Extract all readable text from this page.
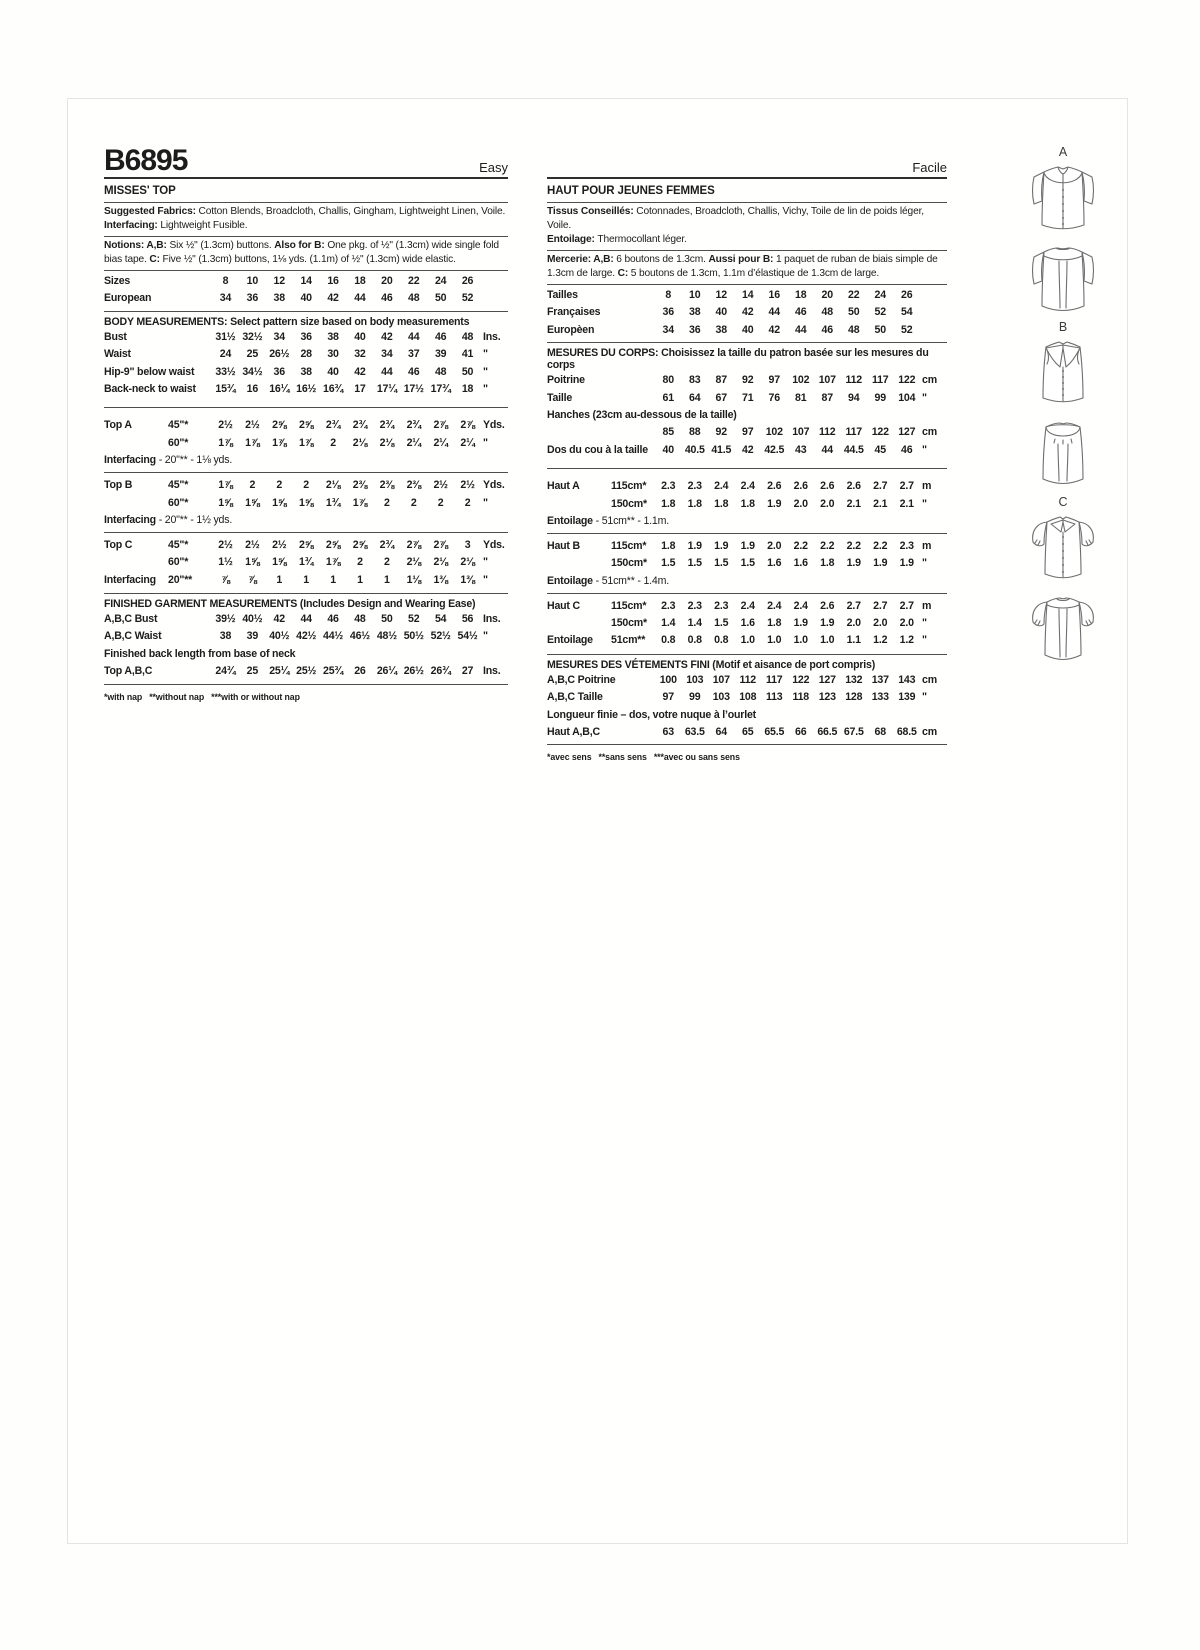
B6895	Easy
MISSES' TOP
Suggested Fabrics: Cotton Blends, Broadcloth, Challis, Gingham, Lightweight Linen, Voile.
Interfacing: Lightweight Fusible.
Notions: A,B: Six ½" (1.3cm) buttons. Also for B: One pkg. of ½" (1.3cm) wide single fold bias tape. C: Five ½" (1.3cm) buttons, 1⅛ yds. (1.1m) of ½" (1.3cm) wide elastic.
Sizes	8	10	12	14	16	18	20	22	24	26
European	34	36	38	40	42	44	46	48	50	52
BODY MEASUREMENTS: Select pattern size based on body measurements
Bust	31½ 32½	34	36	38	40	42	44	46	48 Ins.
Waist	24	25	26½	28	30	32	34	37	39	41 "
Hip-9" below waist	33½ 34½	36	38	40	42	44	46	48	50 "
Back-neck to waist	15¾	16	16¼ 16½ 16¾	17	17¼ 17½ 17¾	18 "
Top A	45"*	2½	2½	2⅝	2⅝	2¾	2¾	2¾	2¾	2⅞	2⅞ Yds.
60"*	1⅞	1⅞	1⅞	1⅞	2	2⅛	2⅛	2¼	2¼	2¼ "
Interfacing - 20"** - 1⅛ yds.
Top B	45"*	1⅞	2	2	2	2⅛	2⅜	2⅜	2⅜	2½	2½ Yds.
60"*	1⅝	1⅝	1⅝	1⅝	1¾	1⅞	2	2	2	2	"
Interfacing - 20"** - 1½ yds.
Top C	45"*	2½	2½	2½	2⅝	2⅝	2⅝	2¾	2⅞	2⅞	3	Yds.
60"*	1½	1⅝	1⅝	1¾	1⅞	2	2	2⅛	2⅛	2⅛ "
Interfacing	20"**	⅞	⅞	1	1	1	1	1	1⅛	1⅜	1⅜ "
FINISHED GARMENT MEASUREMENTS (Includes Design and Wearing Ease)
A,B,C Bust	39½ 40½	42	44	46	48	50	52	54	56 Ins.
A,B,C Waist	38	39	40½ 42½ 44½ 46½ 48½ 50½ 52½ 54½ "
Finished back length from base of neck
Top A,B,C	24¾	25	25¼ 25½ 25¾	26	26¼ 26½ 26¾	27 Ins.
*with nap   **without nap   ***with or without nap
Facile
HAUT POUR JEUNES FEMMES
Tissus Conseillés: Cotonnades, Broadcloth, Challis, Vichy, Toile de lin de poids léger, Voile.
Entoilage: Thermocollant léger.
Mercerie: A,B: 6 boutons de 1.3cm. Aussi pour B: 1 paquet de ruban de biais simple de 1.3cm de large. C: 5 boutons de 1.3cm, 1.1m d’élastique de 1.3cm de large.
Tailles	8	10	12	14	16	18	20	22	24	26
Françaises	36	38	40	42	44	46	48	50	52	54
Europèen	34	36	38	40	42	44	46	48	50	52
MESURES DU CORPS: Choisissez la taille du patron basée sur les mesures du corps
Poitrine	80	83	87	92	97	102 107 112 117 122 cm
Taille	61	64	67	71	76	81	87	94	99	104 "
Hanches (23cm au-dessous de la taille)
85	88	92	97	102 107 112 117 122 127 cm
Dos du cou à la taille	40	40.5 41.5	42	42.5	43	44	44.5	45	46 "
Haut A	115cm*	2.3	2.3	2.4	2.4	2.6	2.6	2.6	2.6	2.7	2.7 m
150cm*	1.8	1.8	1.8	1.8	1.9	2.0	2.0	2.1	2.1	2.1 "
Entoilage - 51cm** - 1.1m.
Haut B	115cm*	1.8	1.9	1.9	1.9	2.0	2.2	2.2	2.2	2.2	2.3 m
150cm*	1.5	1.5	1.5	1.5	1.6	1.6	1.8	1.9	1.9	1.9 "
Entoilage - 51cm** - 1.4m.
Haut C	115cm*	2.3	2.3	2.3	2.4	2.4	2.4	2.6	2.7	2.7	2.7 m
150cm*	1.4	1.4	1.5	1.6	1.8	1.9	1.9	2.0	2.0	2.0 "
Entoilage	51cm**	0.8	0.8	0.8	1.0	1.0	1.0	1.0	1.1	1.2	1.2 "
MESURES DES VÉTEMENTS FINI (Motif et aisance de port compris)
A,B,C Poitrine	100 103 107 112 117 122 127 132 137 143 cm
A,B,C Taille	97	99	103 108 113 118 123 128 133 139 "
Longueur finie – dos, votre nuque à l’ourlet
Haut A,B,C	63	63.5	64	65	65.5	66	66.5 67.5	68	68.5 cm
*avec sens   **sans sens   ***avec ou sans sens
A
B
C
